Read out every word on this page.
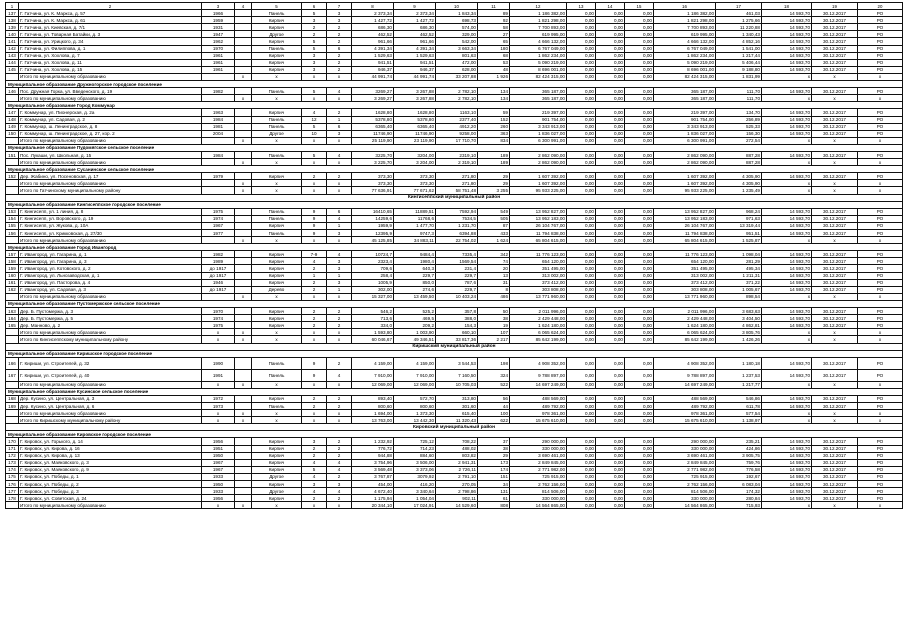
1	2	3	4	5	6	7	8	9	10	11	12	13	14	15	16	17	18	19	20
137	Г. Гатчина, ул. К. Маркса, д. 57	1966		Панель	5	3	2 373,34	2 373,34	1 843,34	89	1 186 382,00	0,00	0,00	0,00	1 186 382,00	461,03	14 593,70	30.12.2017	РО
138	Г. Гатчина, ул. К. Маркса, д. 61	1959		Кирпич	3	3	1 427,72	1 427,72	698,73	92	1 821 298,00	0,00	0,00	0,00	1 821 298,00	1 275,66	14 593,70	30.12.2017	РО
139	Г. Гатчина, ул. Киевская, д. 7/1	1931		Кирпич	2	2	686,30	686,30	574,00	58	7 700 893,00	0,00	0,00	0,00	7 700 893,00	11 220,88	14 593,70	30.12.2017	РО
140	Г. Гатчина, ул. Товарная Батайки, д. 3	1947		Другое	2	2	462,52	462,52	329,00	27	619 995,00	0,00	0,00	0,00	619 995,00	1 340,43	14 593,70	30.12.2017	РО
141	Г. Гатчина, ул. Урицкого, д. 34	1962		Кирпич	5	2	961,66	961,66	542,00	65	4 666 132,00	0,00	0,00	0,00	4 666 132,00	4 852,16	14 593,70	30.12.2017	РО
142	Г. Гатчина, ул. Филиппова, д. 1	1970		Панель	5	6	4 391,34	4 391,34	3 663,34	180	6 767 049,00	0,00	0,00	0,00	6 767 049,00	1 541,00	14 593,70	30.12.2017	РО
143	Г. Гатчина, ул. Хохлова, д. 7	1961		Кирпич	3	2	1 529,63	1 529,63	801,63	68	1 862 234,00	0,00	0,00	0,00	1 862 234,00	1 217,44	14 593,70	30.12.2017	РО
144	Г. Гатчина, ул. Хохлова, д. 11	1961		Кирпич	3	2	941,51	941,51	472,00	53	5 090 219,00	0,00	0,00	0,00	5 090 219,00	5 406,44	14 593,70	30.12.2017	РО
145	Г. Гатчина, ул. Хохлова, д. 15	1961		Кирпич	3	2	946,37	946,37	628,00	48	8 696 001,00	0,00	0,00	0,00	8 696 001,00	9 188,80	14 593,70	30.12.2017	РО
	Итого по муниципальному образованию		x	x	x	x	44 991,74	44 991,74	33 207,88	1 926	82 424 315,00	0,00	0,00	0,00	82 424 315,00	1 831,99	x	x	x
Муниципальное образование Дружногорское городское поселение																			
146	Пос. Дружная Горка, ул. Введенского, д. 19	1982		Панель	5	4	3269,27	3 267,88	2 782,10	134	365 187,00	0,00	0,00	0,00	365 187,00	111,70	14 593,70	30.12.2017	РО
	Итого по муниципальному образованию		x	x	x	x	3 269,27	3 267,88	2 782,10	134	365 187,00	0,00	0,00	0,00	365 187,00	111,70	x	x	x
Муниципальное образование Город Коммунар																			
147	Г. Коммунар, ул. Пионерская, д. 2а	1963		Кирпич	4	2	1628,80	1628,80	1163,10	59	219 397,00	0,00	0,00	0,00	219 397,00	134,70	14 593,70	30.12.2017	РО
148	Г. Коммунар, ул. Садовая, д. 2	1984		Панель	12	1	5378,80	5378,80	2377,40	152	901 754,00	0,00	0,00	0,00	901 754,00	256,89	14 593,70	30.12.2017	РО
149	Г. Коммунар, ш. Ленинградское, д. 8	1981		Панель	5	6	6365,40	6365,40	4912,20	260	3 343 913,00	0,00	0,00	0,00	3 343 913,00	525,33	14 593,70	30.12.2017	РО
150	Г. Коммунар, ш. Ленинградское, д. 27, кор. 2	2004		Другое	10	3	11746,90	11746,90	9258,00	363	1 836 027,00	0,00	0,00	0,00	1 836 027,00	156,30	14 593,70	30.12.2017	РО
	Итого по муниципальному образованию		x	x	x	x	25 119,90	23 119,90	17 710,70	834	6 300 991,00	0,00	0,00	0,00	6 300 991,00	272,54	x	x	x
Муниципальное образование Пудомягское сельское поселение																			
151	Пос. Лукаши, ул. Школьная, д. 15	1984		Панель	5	4	3225,70	3204,00	2319,10	189	2 862 090,00	0,00	0,00	0,00	2 862 090,00	887,28	14 593,70	30.12.2017	РО
	Итого по муниципальному образованию		x	x	x	x	3 225,70	3 204,00	2 319,10	189	2 862 090,00	0,00	0,00	0,00	2 862 090,00	887,28	x	x	x
Муниципальное образование Сусанинское сельское поселение																			
152	Дер. Жабино, ул. Посеновская, д. 17	1979		Кирпич	2	2	373,30	373,30	271,80	29	1 607 392,00	0,00	0,00	0,00	1 607 392,00	4 305,90	14 593,70	30.12.2017	РО
	Итого по муниципальному образованию		x	x	x	x	373,30	373,30	271,80	29	1 607 392,00	0,00	0,00	0,00	1 607 392,00	4 305,90	x	x	x
	Итого по Гатчинскому муниципальному району		x	x	x	x	77 636,91	77 671,62	58 751,48	3 255	95 933 225,00	0,00	0,00	0,00	95 933 225,00	1 235,49	x	x	x
Кингисеппский муниципальный район																			
Муниципальное образование Кингисеппское городское поселение																			
153	Г. Кингисепп, ул. 1 линия, д. 8	1975		Панель	9	6	16410,65	11889,51	7592,94	549	13 952 827,00	0,00	0,00	0,00	13 952 827,00	968,24	14 593,70	30.12.2017	РО
154	Г. Кингисепп, ул. Воровского, д. 19	1974		Панель	9	4	14259,6	11768,6	7534,5	505	13 952 183,00	0,00	0,00	0,00	13 952 183,00	971,63	14 593,70	30.12.2017	РО
155	Г. Кингисепп, ул. Жукова, д. 10А	1967		Кирпич	9	1	1959,9	1 477,70	1 231,70	87	26 104 767,00	0,00	0,00	0,00	26 104 767,00	13 319,44	14 593,70	30.12.2017	РО
156	Г. Кингисепп, ул. Крикковская, д. 27/30	1977		Панель	9	3	12395,9	9747,3	6394,88	433	11 794 838,00	0,00	0,00	0,00	11 794 838,00	951,51	14 593,70	30.12.2017	РО
	Итого по муниципальному образованию		x	x	x	x	45 125,85	34 883,11	22 754,02	1 624	65 804 615,00	0,00	0,00	0,00	65 804 615,00	1 525,87	x	x	x
Муниципальное образование Город Ивангород																			
157	Г. Ивангород, ул. Гагарина, д. 1	1982		Кирпич	7-9	4	10724,7	9484,4	7335,4	342	11 776 123,00	0,00	0,00	0,00	11 776 123,00	1 098,04	14 593,70	30.12.2017	РО
158	Г. Ивангород, ул. Гагарина, д. 3	1989		Кирпич	4	3	2323,4	1980,4	1569,54	74	654 120,00	0,00	0,00	0,00	654 120,00	281,29	14 593,70	30.12.2017	РО
159	Г. Ивангород, ул. Котовского, д. 2	до 1917		Кирпич	2	3	709,6	640,3	231,4	20	351 495,00	0,00	0,00	0,00	351 495,00	495,34	14 593,70	30.12.2017	РО
160	Г. Ивангород, ул. Льнозаводская, д. 1	до 1917		Кирпич	1	1	258,4	229,7	229,7	13	313 002,00	0,00	0,00	0,00	313 002,00	1 211,31	14 593,70	30.12.2017	РО
161	Г. Ивангород, ул. Пасторова, д. 4	1946		Кирпич	2	3	1005,9	850,0	787,6	31	373 412,00	0,00	0,00	0,00	373 412,00	371,22	14 593,70	30.12.2017	РО
162	Г. Ивангород, ул. Садовая, д. 3	до 1917		Дерево	2	1	302,00	274,6	229,7	8	303 808,00	0,00	0,00	0,00	303 808,00	1 005,67	14 593,70	30.12.2017	РО
	Итого по муниципальному образованию		x	x	x	x	15 327,00	13 459,50	10 403,24	486	13 771 960,00	0,00	0,00	0,00	13 771 960,00	898,54	x	x	x
Муниципальное образование Пустомержское сельское поселение																			
163	Дер. Б. Пустомержа, д. 3	1970		Кирпич	2	2	546,2	525,2	357,8	50	2 011 996,00	0,00	0,00	0,00	2 011 996,00	3 683,63	14 593,70	30.12.2017	РО
164	Дер. Б. Пустомержа, д. 5	1974		Кирпич	2	2	713,6	469,5	388,0	38	2 429 448,00	0,00	0,00	0,00	2 429 448,00	3 404,50	14 593,70	30.12.2017	РО
165	Дер. Манново, д. 2	1975		Кирпич	2	2	334,0	209,2	154,3	19	1 624 180,00	0,00	0,00	0,00	1 624 180,00	4 862,81	14 593,70	30.12.2017	РО
	Итого по муниципальному образованию	x	x	x	x	x	1 593,80	1 003,90	660,10	107	6 065 624,00	0,00	0,00	0,00	6 065 624,00	3 805,76	x	x	x
	Итого по Кингисеппскому муниципальному району	x	x	x	x	x	60 046,67	49 346,51	33 817,36	2 217	85 642 199,00	0,00	0,00	0,00	85 642 199,00	1 426,26	x	x	x
Киришский муниципальный район																			
Муниципальное образование Киришское городское поселение																			
166	Г. Кириши, ул. Строителей, д. 32	1990		Панель	9	2	4 159,00	4 159,00	3 544,53	198	4 908 352,00	0,00	0,00	0,00	4 908 352,00	1 180,18	14 593,70	30.12.2017	РО
167	Г. Кириши, ул. Строителей, д. 40	1991		Панель	9	4	7 910,00	7 910,00	7 160,50	324	9 788 897,00	0,00	0,00	0,00	9 788 897,00	1 237,53	14 593,70	30.12.2017	РО
	Итого по муниципальному образованию	x	x	x	x	x	12 069,00	12 069,00	10 705,03	522	14 697 249,00	0,00	0,00	0,00	14 697 249,00	1 217,77	x	x	x
Муниципальное образование Кусинское сельское поселение																			
168	Дер. Кусино, ул. Центральная, д. 3	1972		Кирпич	2	2	893,40	572,70	313,80	56	488 569,00	0,00	0,00	0,00	488 569,00	546,86	14 593,70	30.12.2017	РО
169	Дер. Кусино, ул. Центральная, д. 6	1973		Панель	2	2	800,60	800,60	301,60	44	489 792,00	0,00	0,00	0,00	489 792,00	611,78	14 593,70	30.12.2017	РО
	Итого по муниципальному образованию	x	x	x	x	x	1 694,00	1 373,30	615,40	100	978 361,00	0,00	0,00	0,00	978 361,00	577,54	x	x	x
	Итого по Киришскому муниципальному району	x	x	x	x	x	13 763,00	13 442,30	11 320,43	622	15 675 610,00	0,00	0,00	0,00	15 675 610,00	1 138,97	x	x	x
Кировский муниципальный район																			
Муниципальное образование Кировское городское поселение																			
170	Г. Кировск, ул. Горького, д. 14	1956		Кирпич	3	2	1 232,92	725,12	708,22	37	290 000,00	0,00	0,00	0,00	290 000,00	235,21	14 593,70	30.12.2017	РО
171	Г. Кировск, ул. Кирова, д. 16	1951		Кирпич	2	2	776,72	714,23	488,02	38	330 000,00	0,00	0,00	0,00	330 000,00	424,86	14 593,70	30.12.2017	РО
172	Г. Кировск, ул. Кирова, д. 13	1950		Кирпич	2	2	944,88	884,60	803,82	29	3 690 461,00	0,00	0,00	0,00	3 690 461,00	3 905,75	14 593,70	30.12.2017	РО
173	Г. Кировск, ул. Маяковского, д. 3	1967		Кирпич	4	4	3 754,96	3 506,00	2 941,31	173	2 849 845,00	0,00	0,00	0,00	2 849 845,00	759,76	14 593,70	30.12.2017	РО
174	Г. Кировск, ул. Маяковского, д. 9	1967		Кирпич	5	4	3 569,48	3 373,06	2 726,11	174	2 771 982,00	0,00	0,00	0,00	2 771 982,00	776,58	14 593,70	30.12.2017	РО
175	Г. Кировск, ул. Победы, д. 1	1933		Другое	4	2	3 767,87	3079,92	2 791,10	151	725 915,00	0,00	0,00	0,00	725 915,00	192,67	14 593,70	30.12.2017	РО
176	Г. Кировск, ул. Победы, д. 2	1950		Кирпич	3	3	454,00	416,20	270,05	34	2 762 156,00	0,00	0,00	0,00	2 762 156,00	6 083,04	14 593,70	30.12.2017	РО
177	Г. Кировск, ул. Победы, д. 3	1933		Другое	4	4	4 672,40	3 340,64	2 798,86	131	814 506,00	0,00	0,00	0,00	814 506,00	174,32	14 593,70	30.12.2017	РО
178	Г. Кировск, ул. Советская, д. 24	1956		Кирпич	2	2	1 175,94	1 054,04	902,11	61	330 000,00	0,00	0,00	0,00	330 000,00	280,84	14 593,70	30.12.2017	РО
	Итого по муниципальному образованию	x	x	x	x	x	20 344,10	17 024,91	14 529,60	808	14 564 865,00	0,00	0,00	0,00	14 564 865,00	715,93	x	x	x
